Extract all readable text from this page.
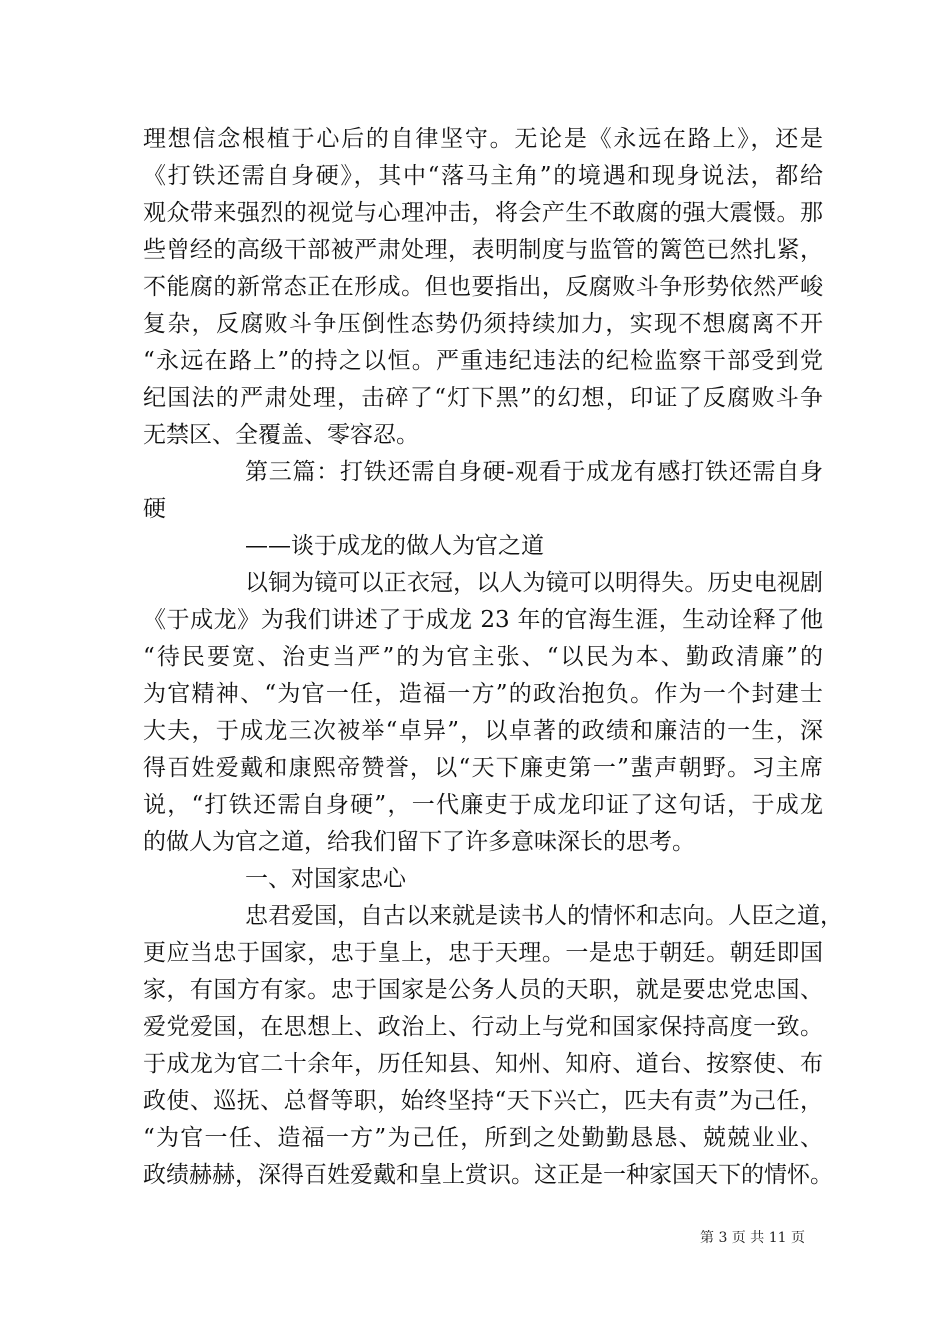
理想信念根植于心后的自律坚守。无论是《永远在路上》，还是
《打铁还需自身硬》，其中“落马主角”的境遇和现身说法，都给
观众带来强烈的视觉与心理冲击，将会产生不敢腐的强大震慑。那
些曾经的高级干部被严肃处理，表明制度与监管的篱笆已然扎紧，
不能腐的新常态正在形成。但也要指出，反腐败斗争形势依然严峻
复杂，反腐败斗争压倒性态势仍须持续加力，实现不想腐离不开
“永远在路上”的持之以恒。严重违纪违法的纪检监察干部受到党
纪国法的严肃处理，击碎了“灯下黑”的幻想，印证了反腐败斗争
无禁区、全覆盖、零容忍。
第三篇：打铁还需自身硬-观看于成龙有感打铁还需自身
硬
——谈于成龙的做人为官之道
以铜为镜可以正衣冠，以人为镜可以明得失。历史电视剧
《于成龙》为我们讲述了于成龙 23 年的官海生涯，生动诠释了他
“待民要宽、治吏当严”的为官主张、“以民为本、勤政清廉”的
为官精神、“为官一任，造福一方”的政治抱负。作为一个封建士
大夫，于成龙三次被举“卓异”，以卓著的政绩和廉洁的一生，深
得百姓爱戴和康熙帝赞誉，以“天下廉吏第一”蜚声朝野。习主席
说，“打铁还需自身硬”，一代廉吏于成龙印证了这句话，于成龙
的做人为官之道，给我们留下了许多意味深长的思考。
一、对国家忠心
忠君爱国，自古以来就是读书人的情怀和志向。人臣之道，
更应当忠于国家，忠于皇上，忠于天理。一是忠于朝廷。朝廷即国
家，有国方有家。忠于国家是公务人员的天职，就是要忠党忠国、
爱党爱国，在思想上、政治上、行动上与党和国家保持高度一致。
于成龙为官二十余年，历任知县、知州、知府、道台、按察使、布
政使、巡抚、总督等职，始终坚持“天下兴亡，匹夫有责”为己任，
“为官一任、造福一方”为己任，所到之处勤勤恳恳、兢兢业业、
政绩赫赫，深得百姓爱戴和皇上赏识。这正是一种家国天下的情怀。
第 3 页 共 11 页
